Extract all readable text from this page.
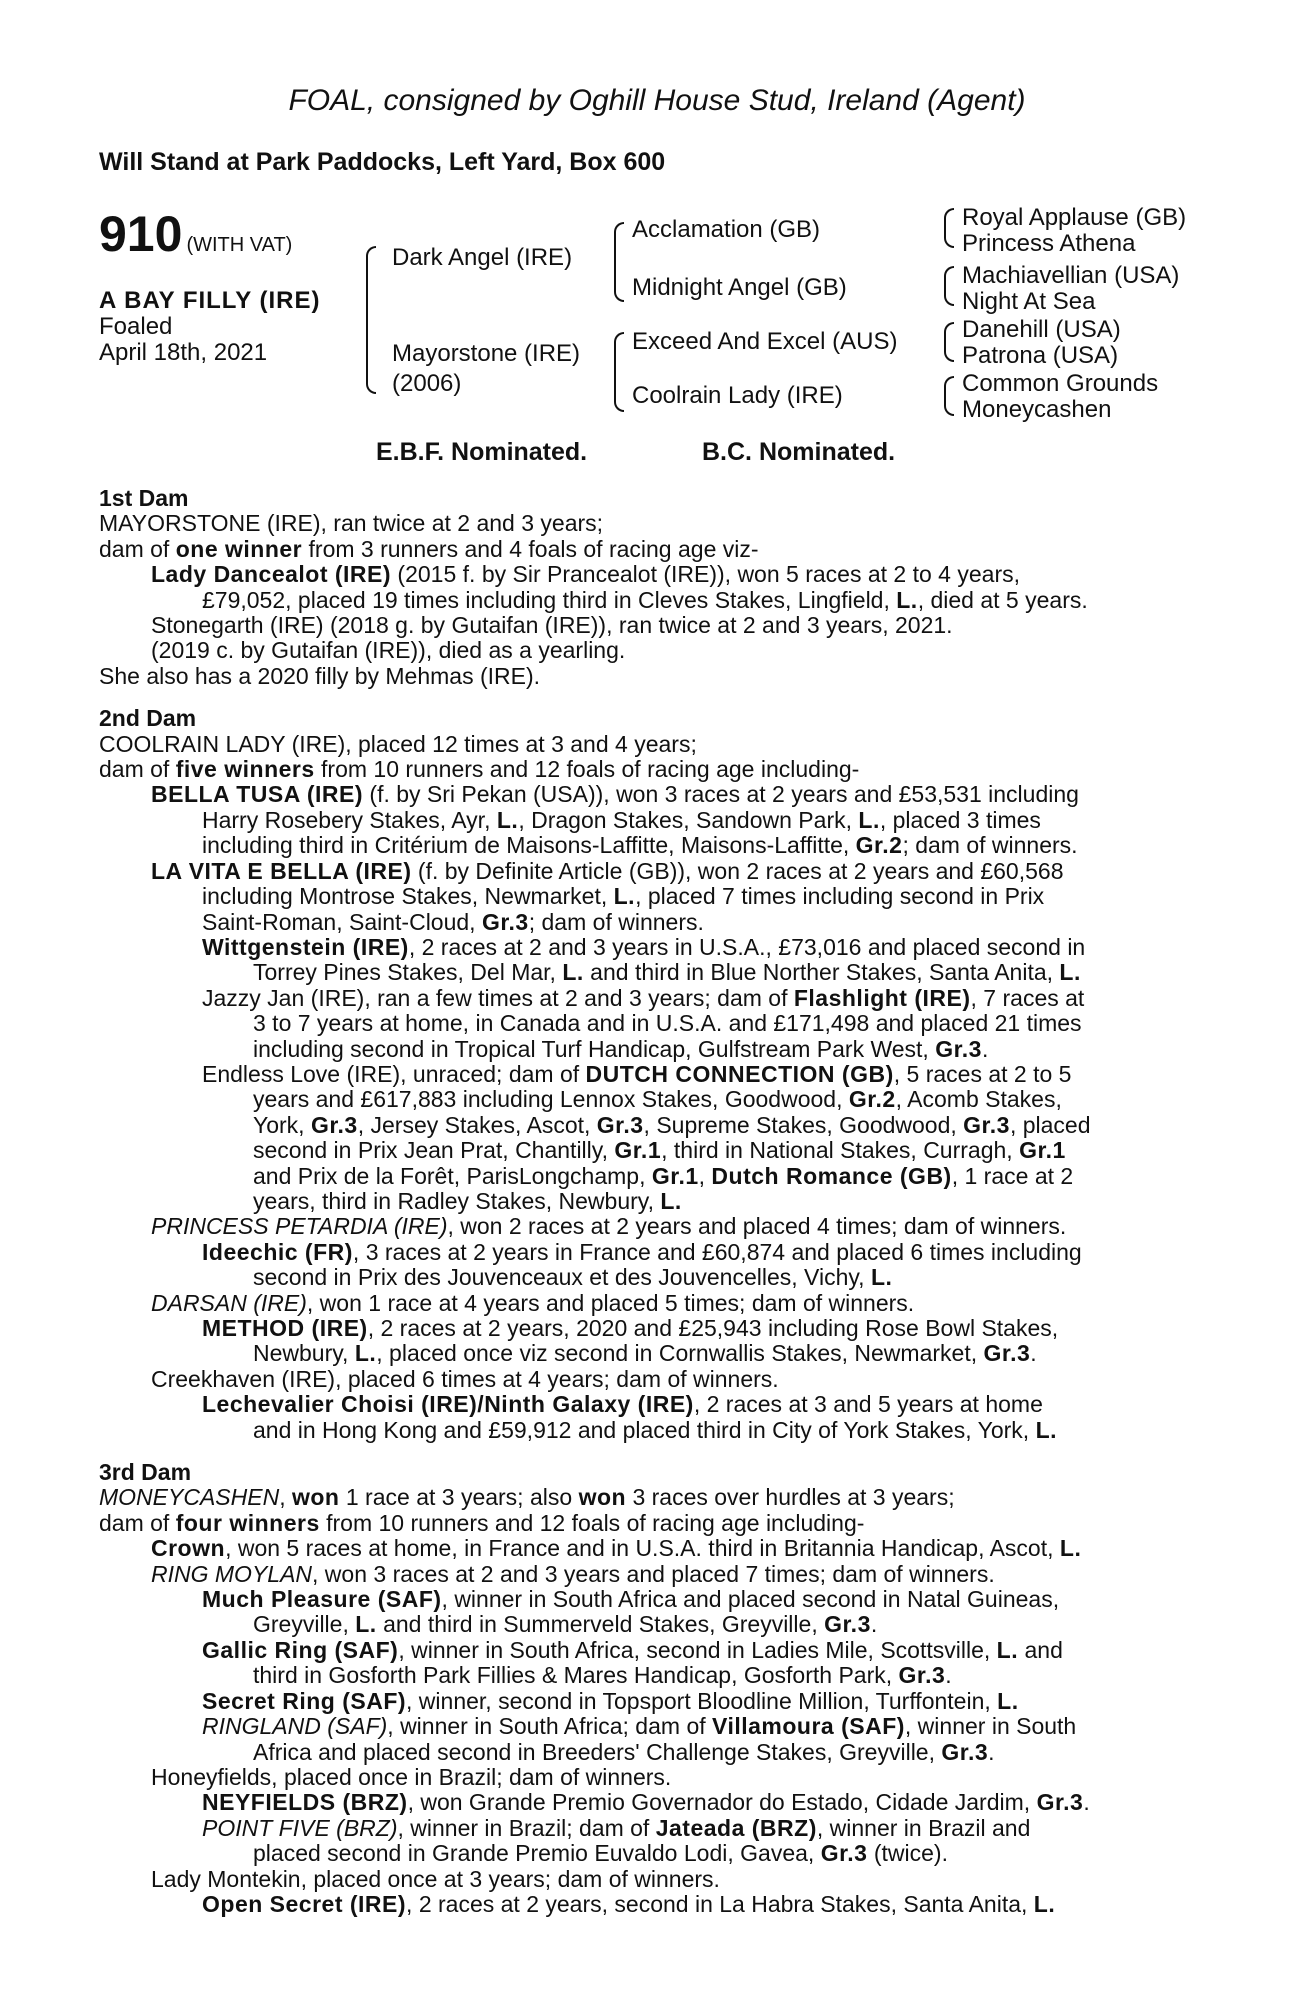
FOAL, consigned by Oghill House Stud, Ireland (Agent)
Will Stand at Park Paddocks, Left Yard, Box 600
910 (WITH VAT)
A BAY FILLY (IRE)
Foaled
April 18th, 2021
Dark Angel (IRE)
Mayorstone (IRE)
(2006)
Acclamation (GB)
Midnight Angel (GB)
Exceed And Excel (AUS)
Coolrain Lady (IRE)
Royal Applause (GB)
Princess Athena
Machiavellian (USA)
Night At Sea
Danehill (USA)
Patrona (USA)
Common Grounds
Moneycashen
E.B.F. Nominated.	B.C. Nominated.
1st Dam
MAYORSTONE (IRE), ran twice at 2 and 3 years;
dam of one winner from 3 runners and 4 foals of racing age viz-
Lady Dancealot (IRE) (2015 f. by Sir Prancealot (IRE)), won 5 races at 2 to 4 years,
£79,052, placed 19 times including third in Cleves Stakes, Lingfield, L., died at 5 years.
Stonegarth (IRE) (2018 g. by Gutaifan (IRE)), ran twice at 2 and 3 years, 2021.
(2019 c. by Gutaifan (IRE)), died as a yearling.
She also has a 2020 filly by Mehmas (IRE).
2nd Dam
COOLRAIN LADY (IRE), placed 12 times at 3 and 4 years;
dam of five winners from 10 runners and 12 foals of racing age including-
BELLA TUSA (IRE) (f. by Sri Pekan (USA)), won 3 races at 2 years and £53,531 including
Harry Rosebery Stakes, Ayr, L., Dragon Stakes, Sandown Park, L., placed 3 times
including third in Critérium de Maisons-Laffitte, Maisons-Laffitte, Gr.2; dam of winners.
LA VITA E BELLA (IRE) (f. by Definite Article (GB)), won 2 races at 2 years and £60,568
including Montrose Stakes, Newmarket, L., placed 7 times including second in Prix
Saint-Roman, Saint-Cloud, Gr.3; dam of winners.
Wittgenstein (IRE), 2 races at 2 and 3 years in U.S.A., £73,016 and placed second in
Torrey Pines Stakes, Del Mar, L. and third in Blue Norther Stakes, Santa Anita, L.
Jazzy Jan (IRE), ran a few times at 2 and 3 years; dam of Flashlight (IRE), 7 races at
3 to 7 years at home, in Canada and in U.S.A. and £171,498 and placed 21 times
including second in Tropical Turf Handicap, Gulfstream Park West, Gr.3.
Endless Love (IRE), unraced; dam of DUTCH CONNECTION (GB), 5 races at 2 to 5
years and £617,883 including Lennox Stakes, Goodwood, Gr.2, Acomb Stakes,
York, Gr.3, Jersey Stakes, Ascot, Gr.3, Supreme Stakes, Goodwood, Gr.3, placed
second in Prix Jean Prat, Chantilly, Gr.1, third in National Stakes, Curragh, Gr.1
and Prix de la Forêt, ParisLongchamp, Gr.1, Dutch Romance (GB), 1 race at 2
years, third in Radley Stakes, Newbury, L.
PRINCESS PETARDIA (IRE), won 2 races at 2 years and placed 4 times; dam of winners.
Ideechic (FR), 3 races at 2 years in France and £60,874 and placed 6 times including
second in Prix des Jouvenceaux et des Jouvencelles, Vichy, L.
DARSAN (IRE), won 1 race at 4 years and placed 5 times; dam of winners.
METHOD (IRE), 2 races at 2 years, 2020 and £25,943 including Rose Bowl Stakes,
Newbury, L., placed once viz second in Cornwallis Stakes, Newmarket, Gr.3.
Creekhaven (IRE), placed 6 times at 4 years; dam of winners.
Lechevalier Choisi (IRE)/Ninth Galaxy (IRE), 2 races at 3 and 5 years at home
and in Hong Kong and £59,912 and placed third in City of York Stakes, York, L.
3rd Dam
MONEYCASHEN, won 1 race at 3 years; also won 3 races over hurdles at 3 years;
dam of four winners from 10 runners and 12 foals of racing age including-
Crown, won 5 races at home, in France and in U.S.A. third in Britannia Handicap, Ascot, L.
RING MOYLAN, won 3 races at 2 and 3 years and placed 7 times; dam of winners.
Much Pleasure (SAF), winner in South Africa and placed second in Natal Guineas,
Greyville, L. and third in Summerveld Stakes, Greyville, Gr.3.
Gallic Ring (SAF), winner in South Africa, second in Ladies Mile, Scottsville, L. and
third in Gosforth Park Fillies & Mares Handicap, Gosforth Park, Gr.3.
Secret Ring (SAF), winner, second in Topsport Bloodline Million, Turffontein, L.
RINGLAND (SAF), winner in South Africa; dam of Villamoura (SAF), winner in South
Africa and placed second in Breeders' Challenge Stakes, Greyville, Gr.3.
Honeyfields, placed once in Brazil; dam of winners.
NEYFIELDS (BRZ), won Grande Premio Governador do Estado, Cidade Jardim, Gr.3.
POINT FIVE (BRZ), winner in Brazil; dam of Jateada (BRZ), winner in Brazil and
placed second in Grande Premio Euvaldo Lodi, Gavea, Gr.3 (twice).
Lady Montekin, placed once at 3 years; dam of winners.
Open Secret (IRE), 2 races at 2 years, second in La Habra Stakes, Santa Anita, L.
